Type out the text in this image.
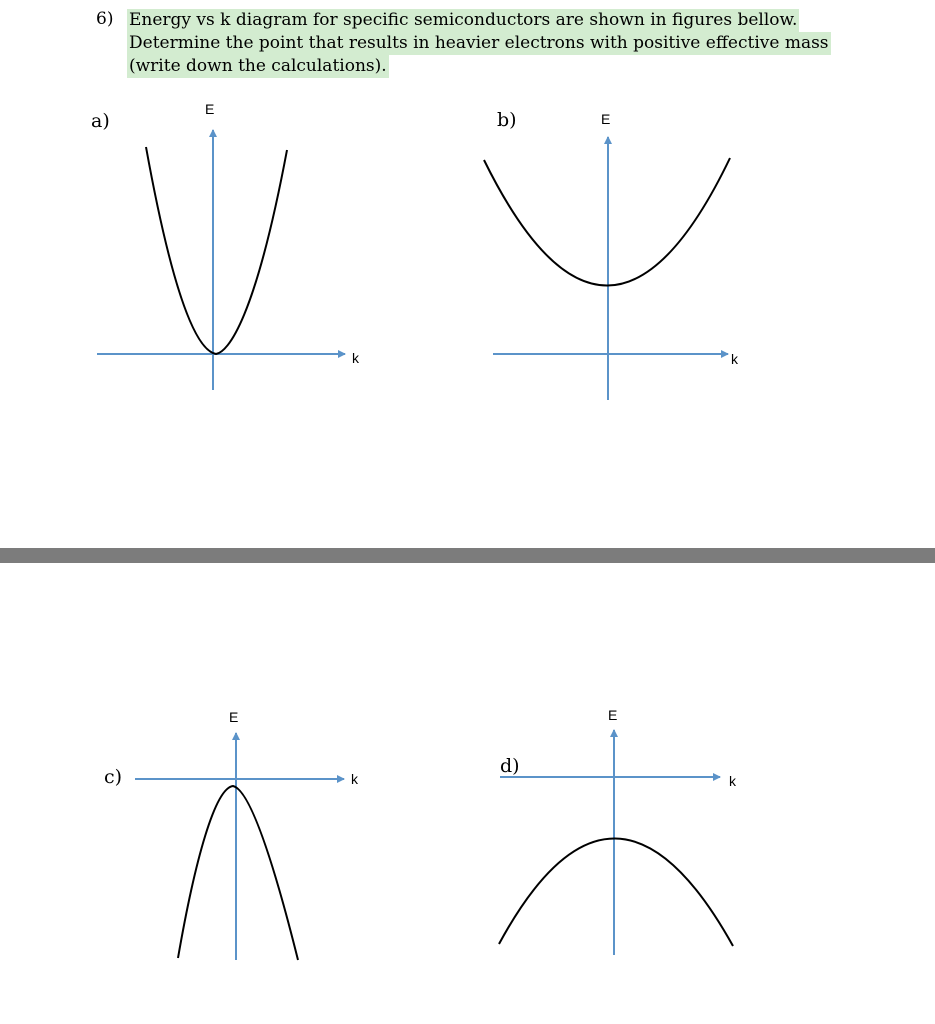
6) Energy vs k diagram for specific semiconductors are shown in figures bellow.
Determine the point that results in heavier electrons with positive effective mass
(write down the calculations).
a)	b)
c)	d)
E
k
E
k
E
k
E
k
